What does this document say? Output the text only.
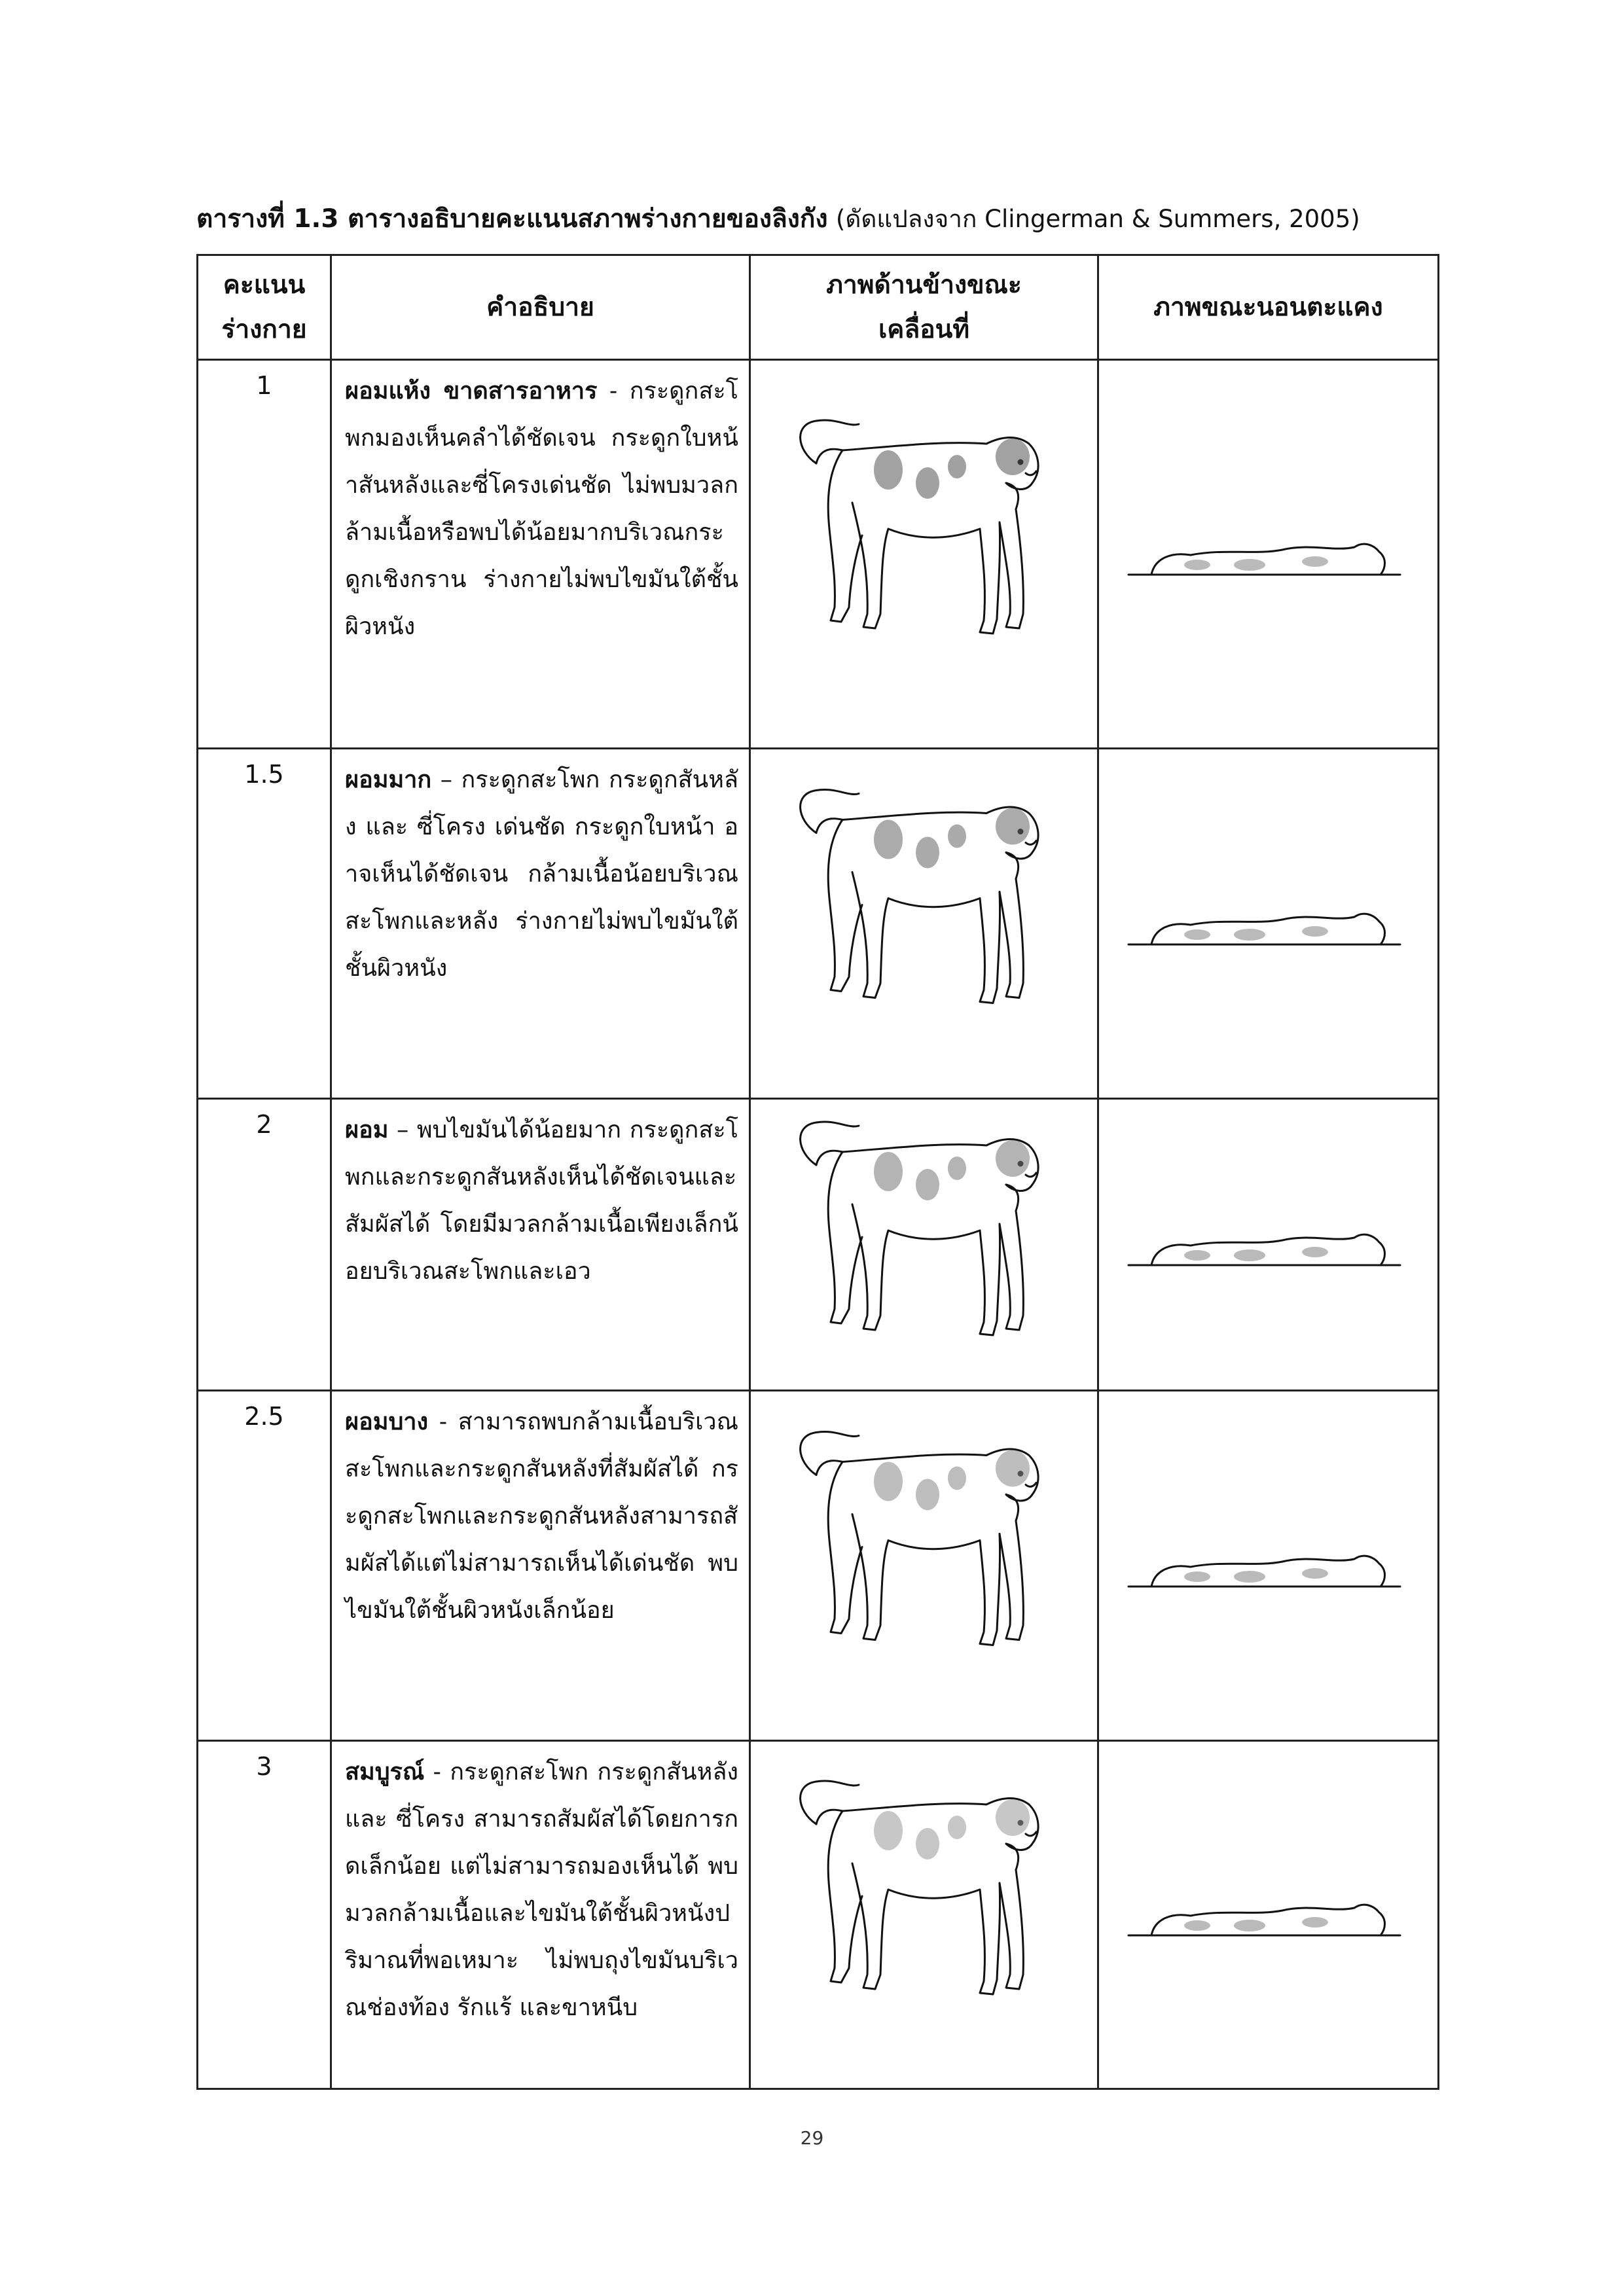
ตารางที่ 1.3 ตารางอธิบายคะแนนสภาพร่างกายของลิงกัง (ดัดแปลงจาก Clingerman & Summers, 2005)
คะแนนร่างกาย	คำอธิบาย	ภาพด้านข้างขณะเคลื่อนที่	ภาพขณะนอนตะแคง
1	ผอมแห้ง ขาดสารอาหาร - กระดูกสะโพกมองเห็นคลำได้ชัดเจน กระดูกใบหน้าสันหลังและซี่โครงเด่นชัด ไม่พบมวลกล้ามเนื้อหรือพบได้น้อยมากบริเวณกระดูกเชิงกราน ร่างกายไม่พบไขมันใต้ชั้นผิวหนัง	

1.5	ผอมมาก – กระดูกสะโพก กระดูกสันหลัง และ ซี่โครง เด่นชัด กระดูกใบหน้า อาจเห็นได้ชัดเจน กล้ามเนื้อน้อยบริเวณสะโพกและหลัง ร่างกายไม่พบไขมันใต้ชั้นผิวหนัง	

2	ผอม – พบไขมันได้น้อยมาก กระดูกสะโพกและกระดูกสันหลังเห็นได้ชัดเจนและสัมผัสได้ โดยมีมวลกล้ามเนื้อเพียงเล็กน้อยบริเวณสะโพกและเอว	

2.5	ผอมบาง - สามารถพบกล้ามเนื้อบริเวณสะโพกและกระดูกสันหลังที่สัมผัสได้ กระดูกสะโพกและกระดูกสันหลังสามารถสัมผัสได้แต่ไม่สามารถเห็นได้เด่นชัด พบไขมันใต้ชั้นผิวหนังเล็กน้อย	

3	สมบูรณ์ - กระดูกสะโพก กระดูกสันหลัง และ ซี่โครง สามารถสัมผัสได้โดยการกดเล็กน้อย แต่ไม่สามารถมองเห็นได้ พบมวลกล้ามเนื้อและไขมันใต้ชั้นผิวหนังปริมาณที่พอเหมาะ ไม่พบถุงไขมันบริเวณช่องท้อง รักแร้ และขาหนีบ	

29
